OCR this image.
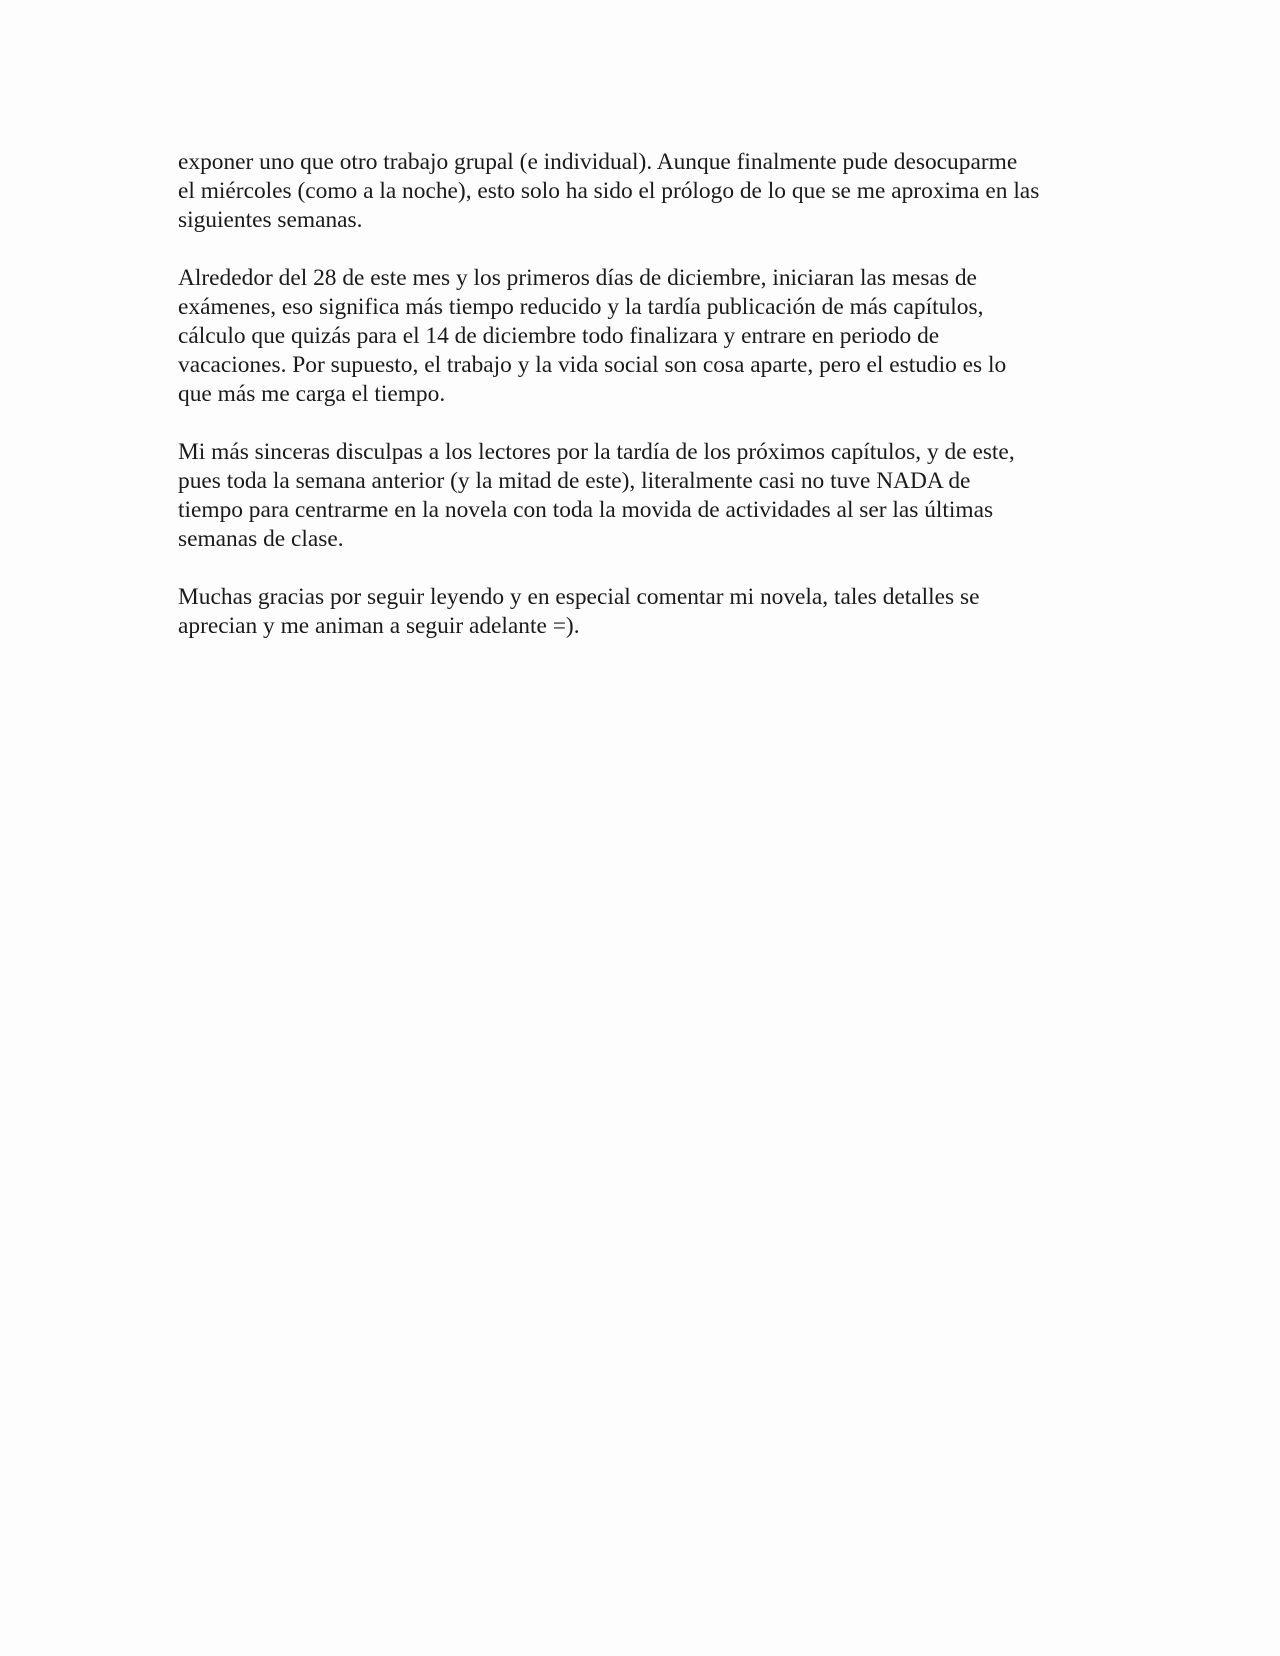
exponer uno que otro trabajo grupal (e individual). Aunque finalmente pude desocuparme
el miércoles (como a la noche), esto solo ha sido el prólogo de lo que se me aproxima en las
siguientes semanas.

Alrededor del 28 de este mes y los primeros días de diciembre, iniciaran las mesas de
exámenes, eso significa más tiempo reducido y la tardía publicación de más capítulos,
cálculo que quizás para el 14 de diciembre todo finalizara y entrare en periodo de
vacaciones. Por supuesto, el trabajo y la vida social son cosa aparte, pero el estudio es lo
que más me carga el tiempo.

Mi más sinceras disculpas a los lectores por la tardía de los próximos capítulos, y de este,
pues toda la semana anterior (y la mitad de este), literalmente casi no tuve NADA de
tiempo para centrarme en la novela con toda la movida de actividades al ser las últimas
semanas de clase.

Muchas gracias por seguir leyendo y en especial comentar mi novela, tales detalles se
aprecian y me animan a seguir adelante =).
